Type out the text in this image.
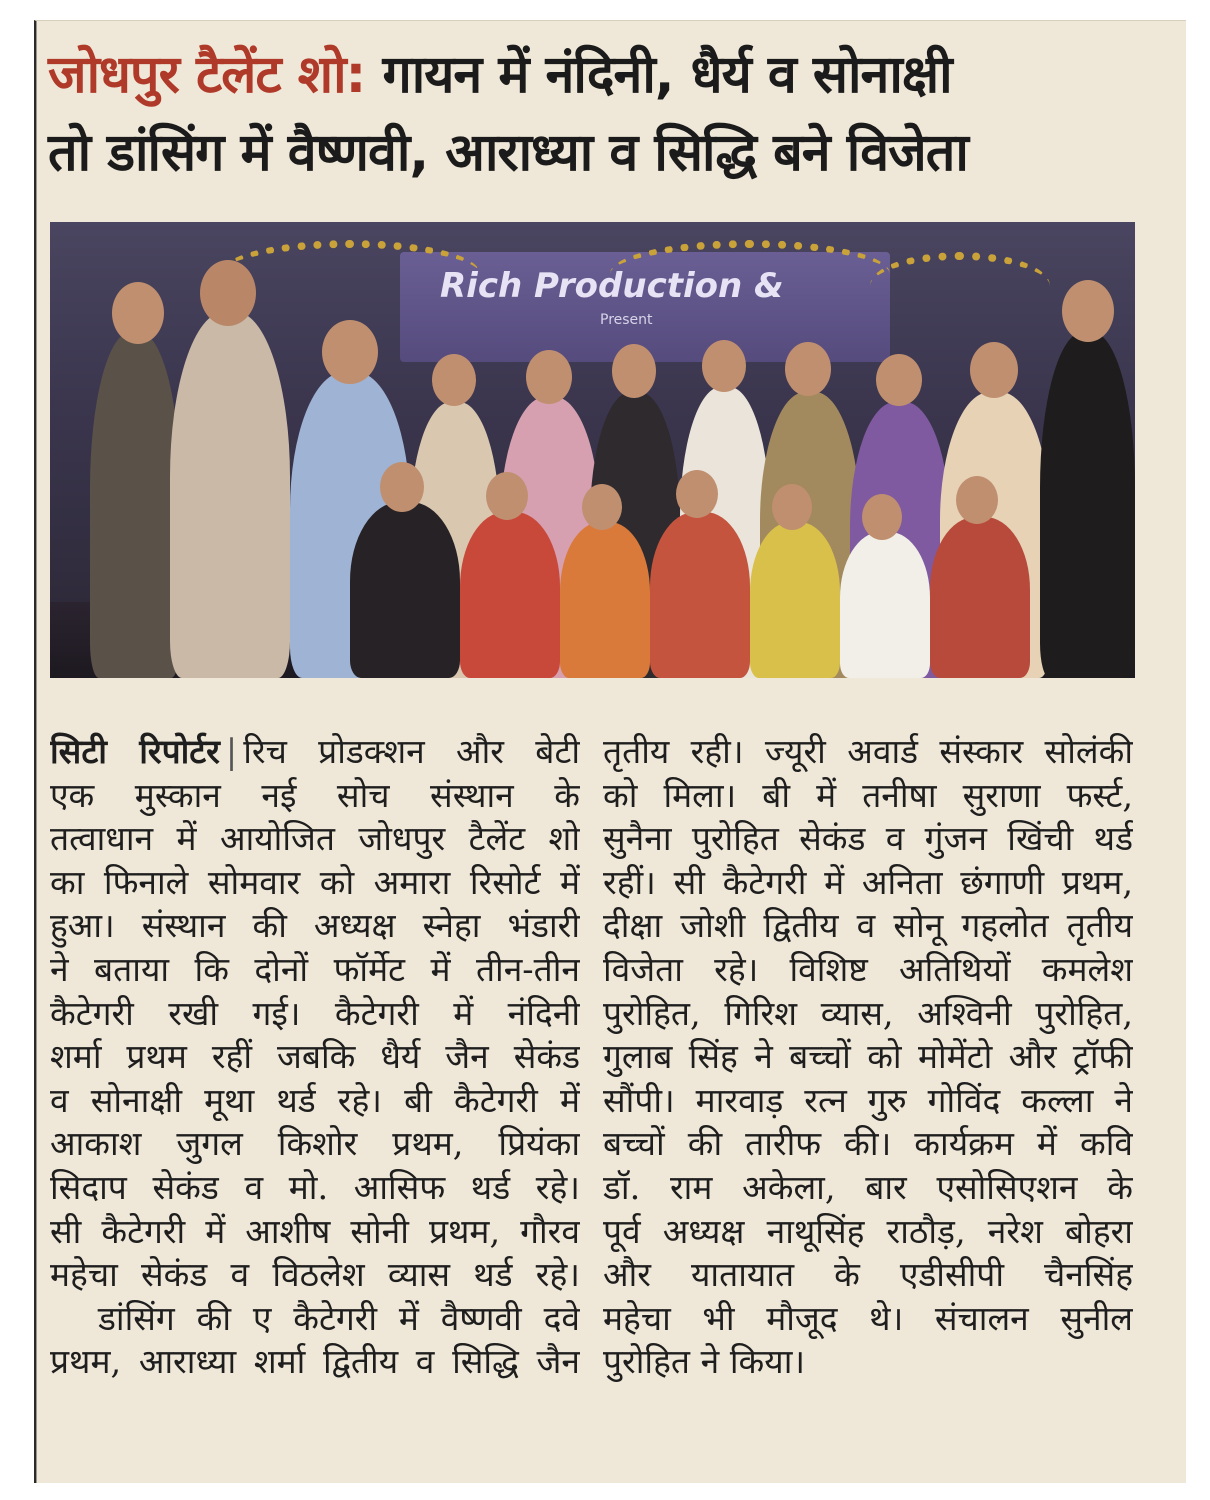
जोधपुर टैलेंट शो: गायन में नंदिनी, धैर्य व सोनाक्षी
तो डांसिंग में वैष्णवी, आराध्या व सिद्धि बने विजेता
Rich Production &
Present
सिटी रिपोर्टर | रिच प्रोडक्शन और बेटी
एक मुस्कान नई सोच संस्थान के
तत्वाधान में आयोजित जोधपुर टैलेंट शो
का फिनाले सोमवार को अमारा रिसोर्ट में
हुआ। संस्थान की अध्यक्ष स्नेहा भंडारी
ने बताया कि दोनों फॉर्मेट में तीन-तीन
कैटेगरी रखी गई। कैटेगरी में नंदिनी
शर्मा प्रथम रहीं जबकि धैर्य जैन सेकंड
व सोनाक्षी मूथा थर्ड रहे। बी कैटेगरी में
आकाश जुगल किशोर प्रथम, प्रियंका
सिदाप सेकंड व मो. आसिफ थर्ड रहे।
सी कैटेगरी में आशीष सोनी प्रथम, गौरव
महेचा सेकंड व विठलेश व्यास थर्ड रहे।
डांसिंग की ए कैटेगरी में वैष्णवी दवे
प्रथम, आराध्या शर्मा द्वितीय व सिद्धि जैन
तृतीय रही। ज्यूरी अवार्ड संस्कार सोलंकी
को मिला। बी में तनीषा सुराणा फर्स्ट,
सुनैना पुरोहित सेकंड व गुंजन खिंची थर्ड
रहीं। सी कैटेगरी में अनिता छंगाणी प्रथम,
दीक्षा जोशी द्वितीय व सोनू गहलोत तृतीय
विजेता रहे। विशिष्ट अतिथियों कमलेश
पुरोहित, गिरिश व्यास, अश्विनी पुरोहित,
गुलाब सिंह ने बच्चों को मोमेंटो और ट्रॉफी
सौंपी। मारवाड़ रत्न गुरु गोविंद कल्ला ने
बच्चों की तारीफ की। कार्यक्रम में कवि
डॉ. राम अकेला, बार एसोसिएशन के
पूर्व अध्यक्ष नाथूसिंह राठौड़, नरेश बोहरा
और यातायात के एडीसीपी चैनसिंह
महेचा भी मौजूद थे। संचालन सुनील
पुरोहित ने किया।
